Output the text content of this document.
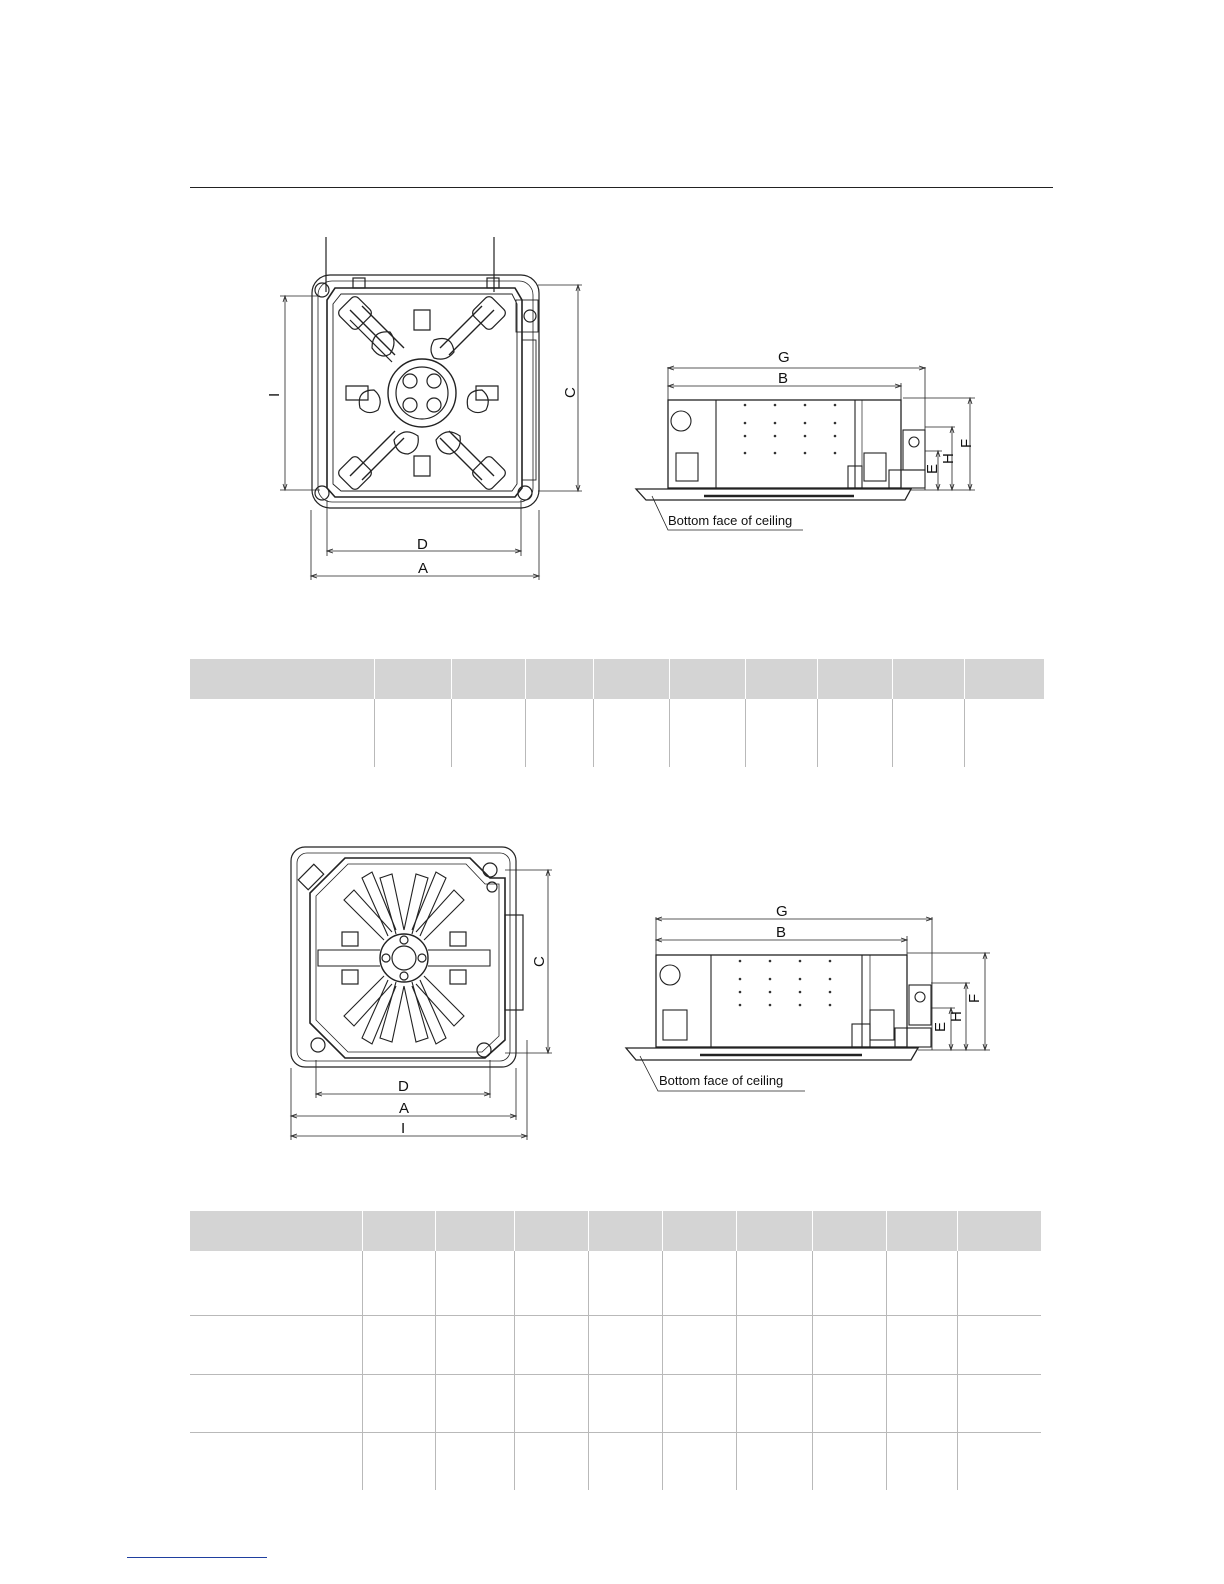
I	C
D
A
G
B
F
H
E
Bottom face of ceiling

C
D
A
I
G
B
F
H
E
Bottom face of ceiling
